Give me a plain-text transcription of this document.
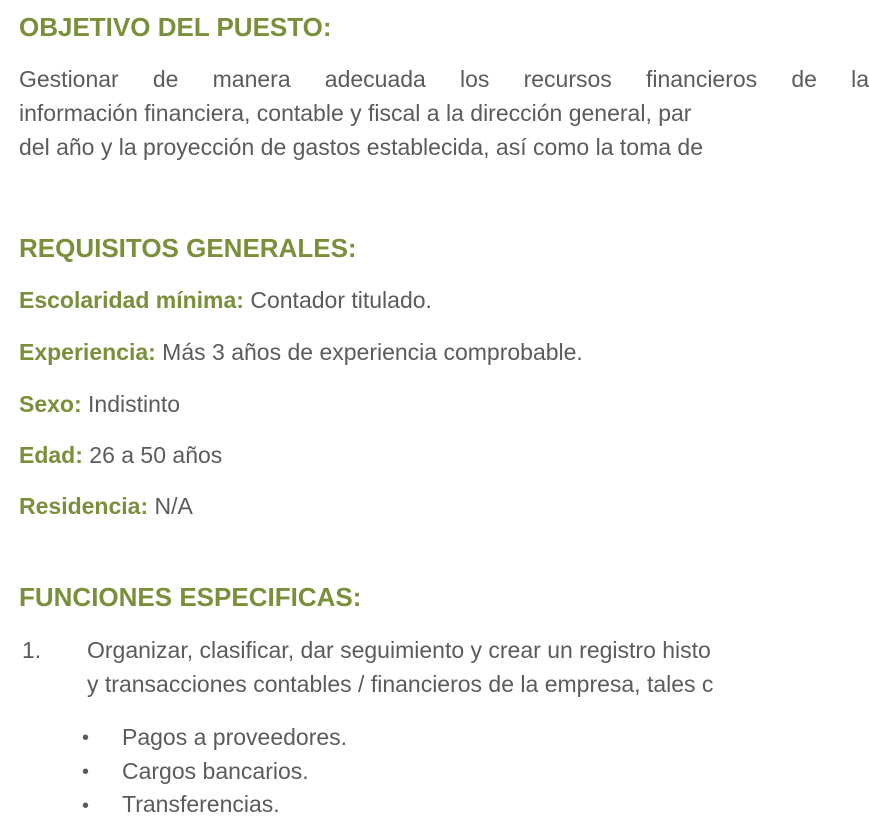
OBJETIVO DEL PUESTO:
Gestionar de manera adecuada los recursos financieros de la
información financiera, contable y fiscal a la dirección general, par
del año y la proyección de gastos establecida, así como la toma de
REQUISITOS GENERALES:
Escolaridad mínima: Contador titulado.
Experiencia: Más 3 años de experiencia comprobable.
Sexo: Indistinto
Edad: 26 a 50 años
Residencia: N/A
FUNCIONES ESPECIFICAS:
1. Organizar, clasificar, dar seguimiento y crear un registro histo
y transacciones contables / financieros de la empresa, tales c
• Pagos a proveedores.
• Cargos bancarios.
• Transferencias.
